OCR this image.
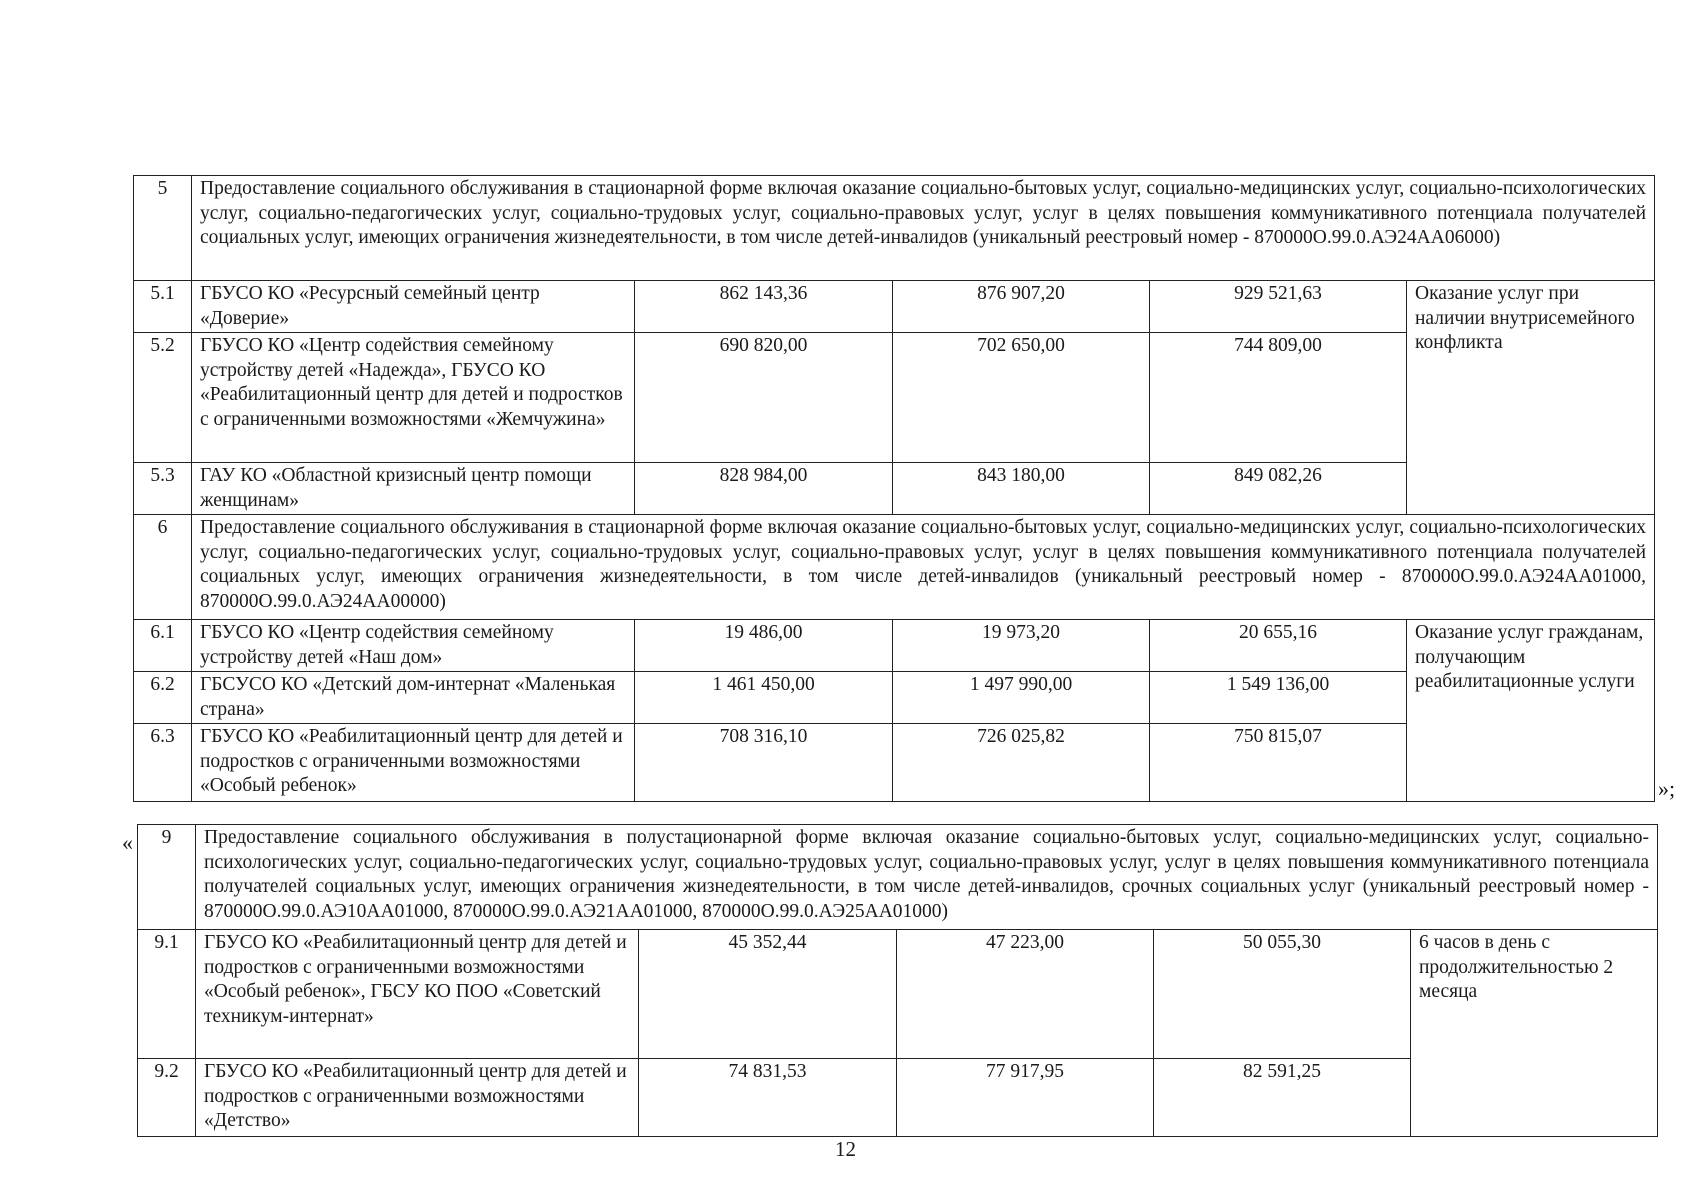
5	Предоставление социального обслуживания в стационарной форме включая оказание социально-бытовых услуг, социально-медицинских услуг, социально-психологических услуг, социально-педагогических услуг, социально-трудовых услуг, социально-правовых услуг, услуг в целях повышения коммуникативного потенциала получателей социальных услуг, имеющих ограничения жизнедеятельности, в том числе детей-инвалидов (уникальный реестровый номер - 870000О.99.0.АЭ24АА06000)				
5.1	ГБУСО КО «Ресурсный семейный центр «Доверие»	862 143,36	876 907,20	929 521,63	Оказание услуг при наличии внутрисемейного конфликта
5.2	ГБУСО КО «Центр содействия семейному устройству детей «Надежда», ГБУСО КО «Реабилитационный центр для детей и подростков с ограниченными возможностями «Жемчужина»	690 820,00	702 650,00	744 809,00	
5.3	ГАУ КО «Областной кризисный центр помощи женщинам»	828 984,00	843 180,00	849 082,26	
6	Предоставление социального обслуживания в стационарной форме включая оказание социально-бытовых услуг, социально-медицинских услуг, социально-психологических услуг, социально-педагогических услуг, социально-трудовых услуг, социально-правовых услуг, услуг в целях повышения коммуникативного потенциала получателей социальных услуг, имеющих ограничения жизнедеятельности, в том числе детей-инвалидов (уникальный реестровый номер - 870000О.99.0.АЭ24АА01000, 870000О.99.0.АЭ24АА00000)				
6.1	ГБУСО КО «Центр содействия семейному устройству детей «Наш дом»	19 486,00	19 973,20	20 655,16	Оказание услуг гражданам, получающим реабилитационные услуги
6.2	ГБСУСО КО «Детский дом-интернат «Маленькая страна»	1 461 450,00	1 497 990,00	1 549 136,00	
6.3	ГБУСО КО «Реабилитационный центр для детей и подростков с ограниченными возможностями «Особый ребенок»	708 316,10	726 025,82	750 815,07	
»;
« 9	Предоставление социального обслуживания в полустационарной форме включая оказание социально-бытовых услуг, социально-медицинских услуг, социально-психологических услуг, социально-педагогических услуг, социально-трудовых услуг, социально-правовых услуг, услуг в целях повышения коммуникативного потенциала получателей социальных услуг, имеющих ограничения жизнедеятельности, в том числе детей-инвалидов, срочных социальных услуг (уникальный реестровый номер - 870000О.99.0.АЭ10АА01000, 870000О.99.0.АЭ21АА01000, 870000О.99.0.АЭ25АА01000)				
9.1	ГБУСО КО «Реабилитационный центр для детей и подростков с ограниченными возможностями «Особый ребенок», ГБСУ КО ПОО «Советский техникум-интернат»	45 352,44	47 223,00	50 055,30	6 часов в день с продолжительностью 2 месяца
9.2	ГБУСО КО «Реабилитационный центр для детей и подростков с ограниченными возможностями «Детство»	74 831,53	77 917,95	82 591,25	
12
